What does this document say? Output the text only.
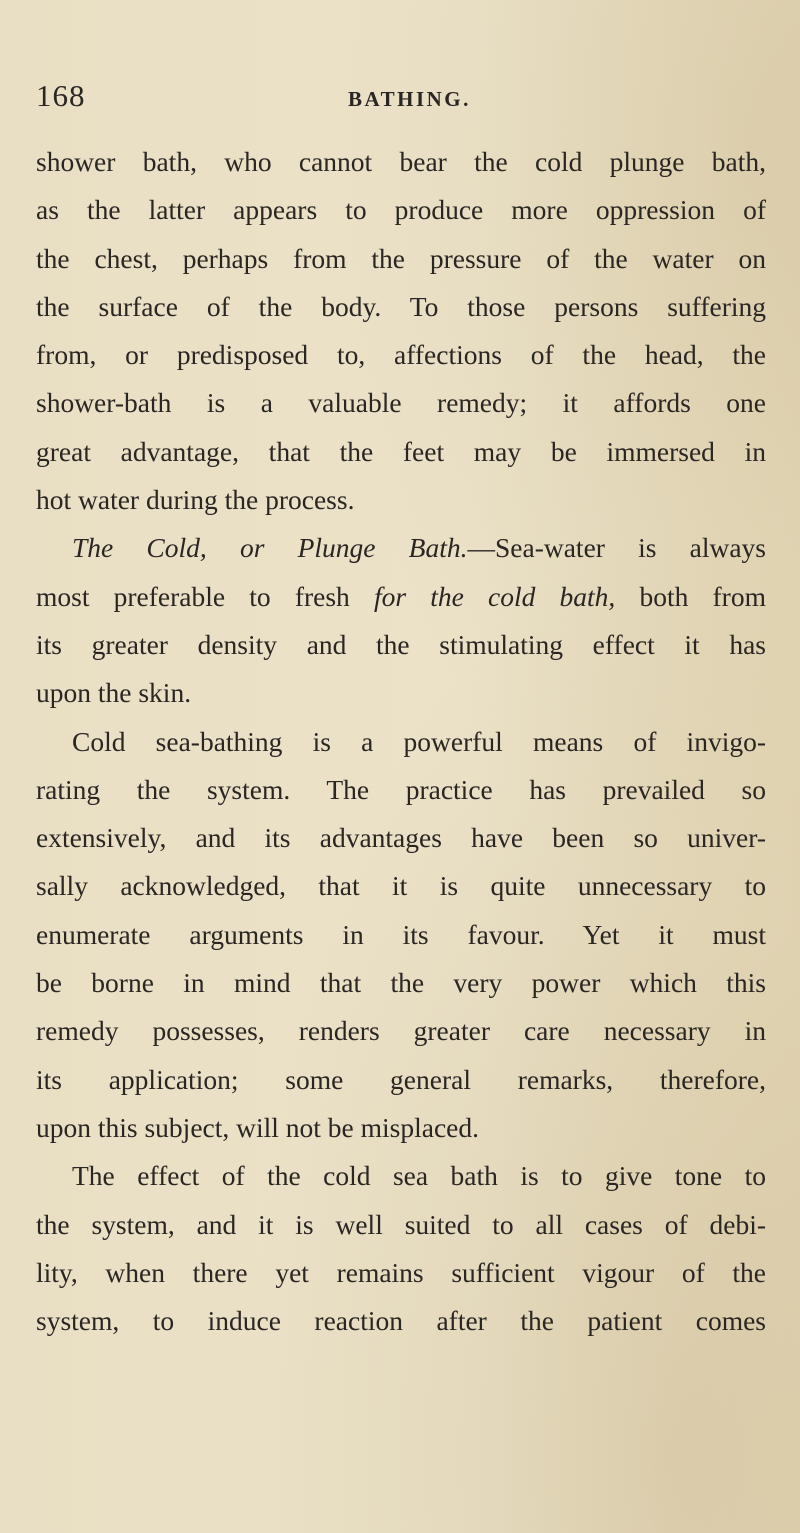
168	BATHING.
shower bath, who cannot bear the cold plunge bath,
as the latter appears to produce more oppression of
the chest, perhaps from the pressure of the water on
the surface of the body. To those persons suffering
from, or predisposed to, affections of the head, the
shower-bath is a valuable remedy; it affords one
great advantage, that the feet may be immersed in
hot water during the process.
The Cold, or Plunge Bath.—Sea-water is always
most preferable to fresh for the cold bath, both from
its greater density and the stimulating effect it has
upon the skin.
Cold sea-bathing is a powerful means of invigo-
rating the system. The practice has prevailed so
extensively, and its advantages have been so univer-
sally acknowledged, that it is quite unnecessary to
enumerate arguments in its favour. Yet it must
be borne in mind that the very power which this
remedy possesses, renders greater care necessary in
its application; some general remarks, therefore,
upon this subject, will not be misplaced.
The effect of the cold sea bath is to give tone to
the system, and it is well suited to all cases of debi-
lity, when there yet remains sufficient vigour of the
system, to induce reaction after the patient comes
